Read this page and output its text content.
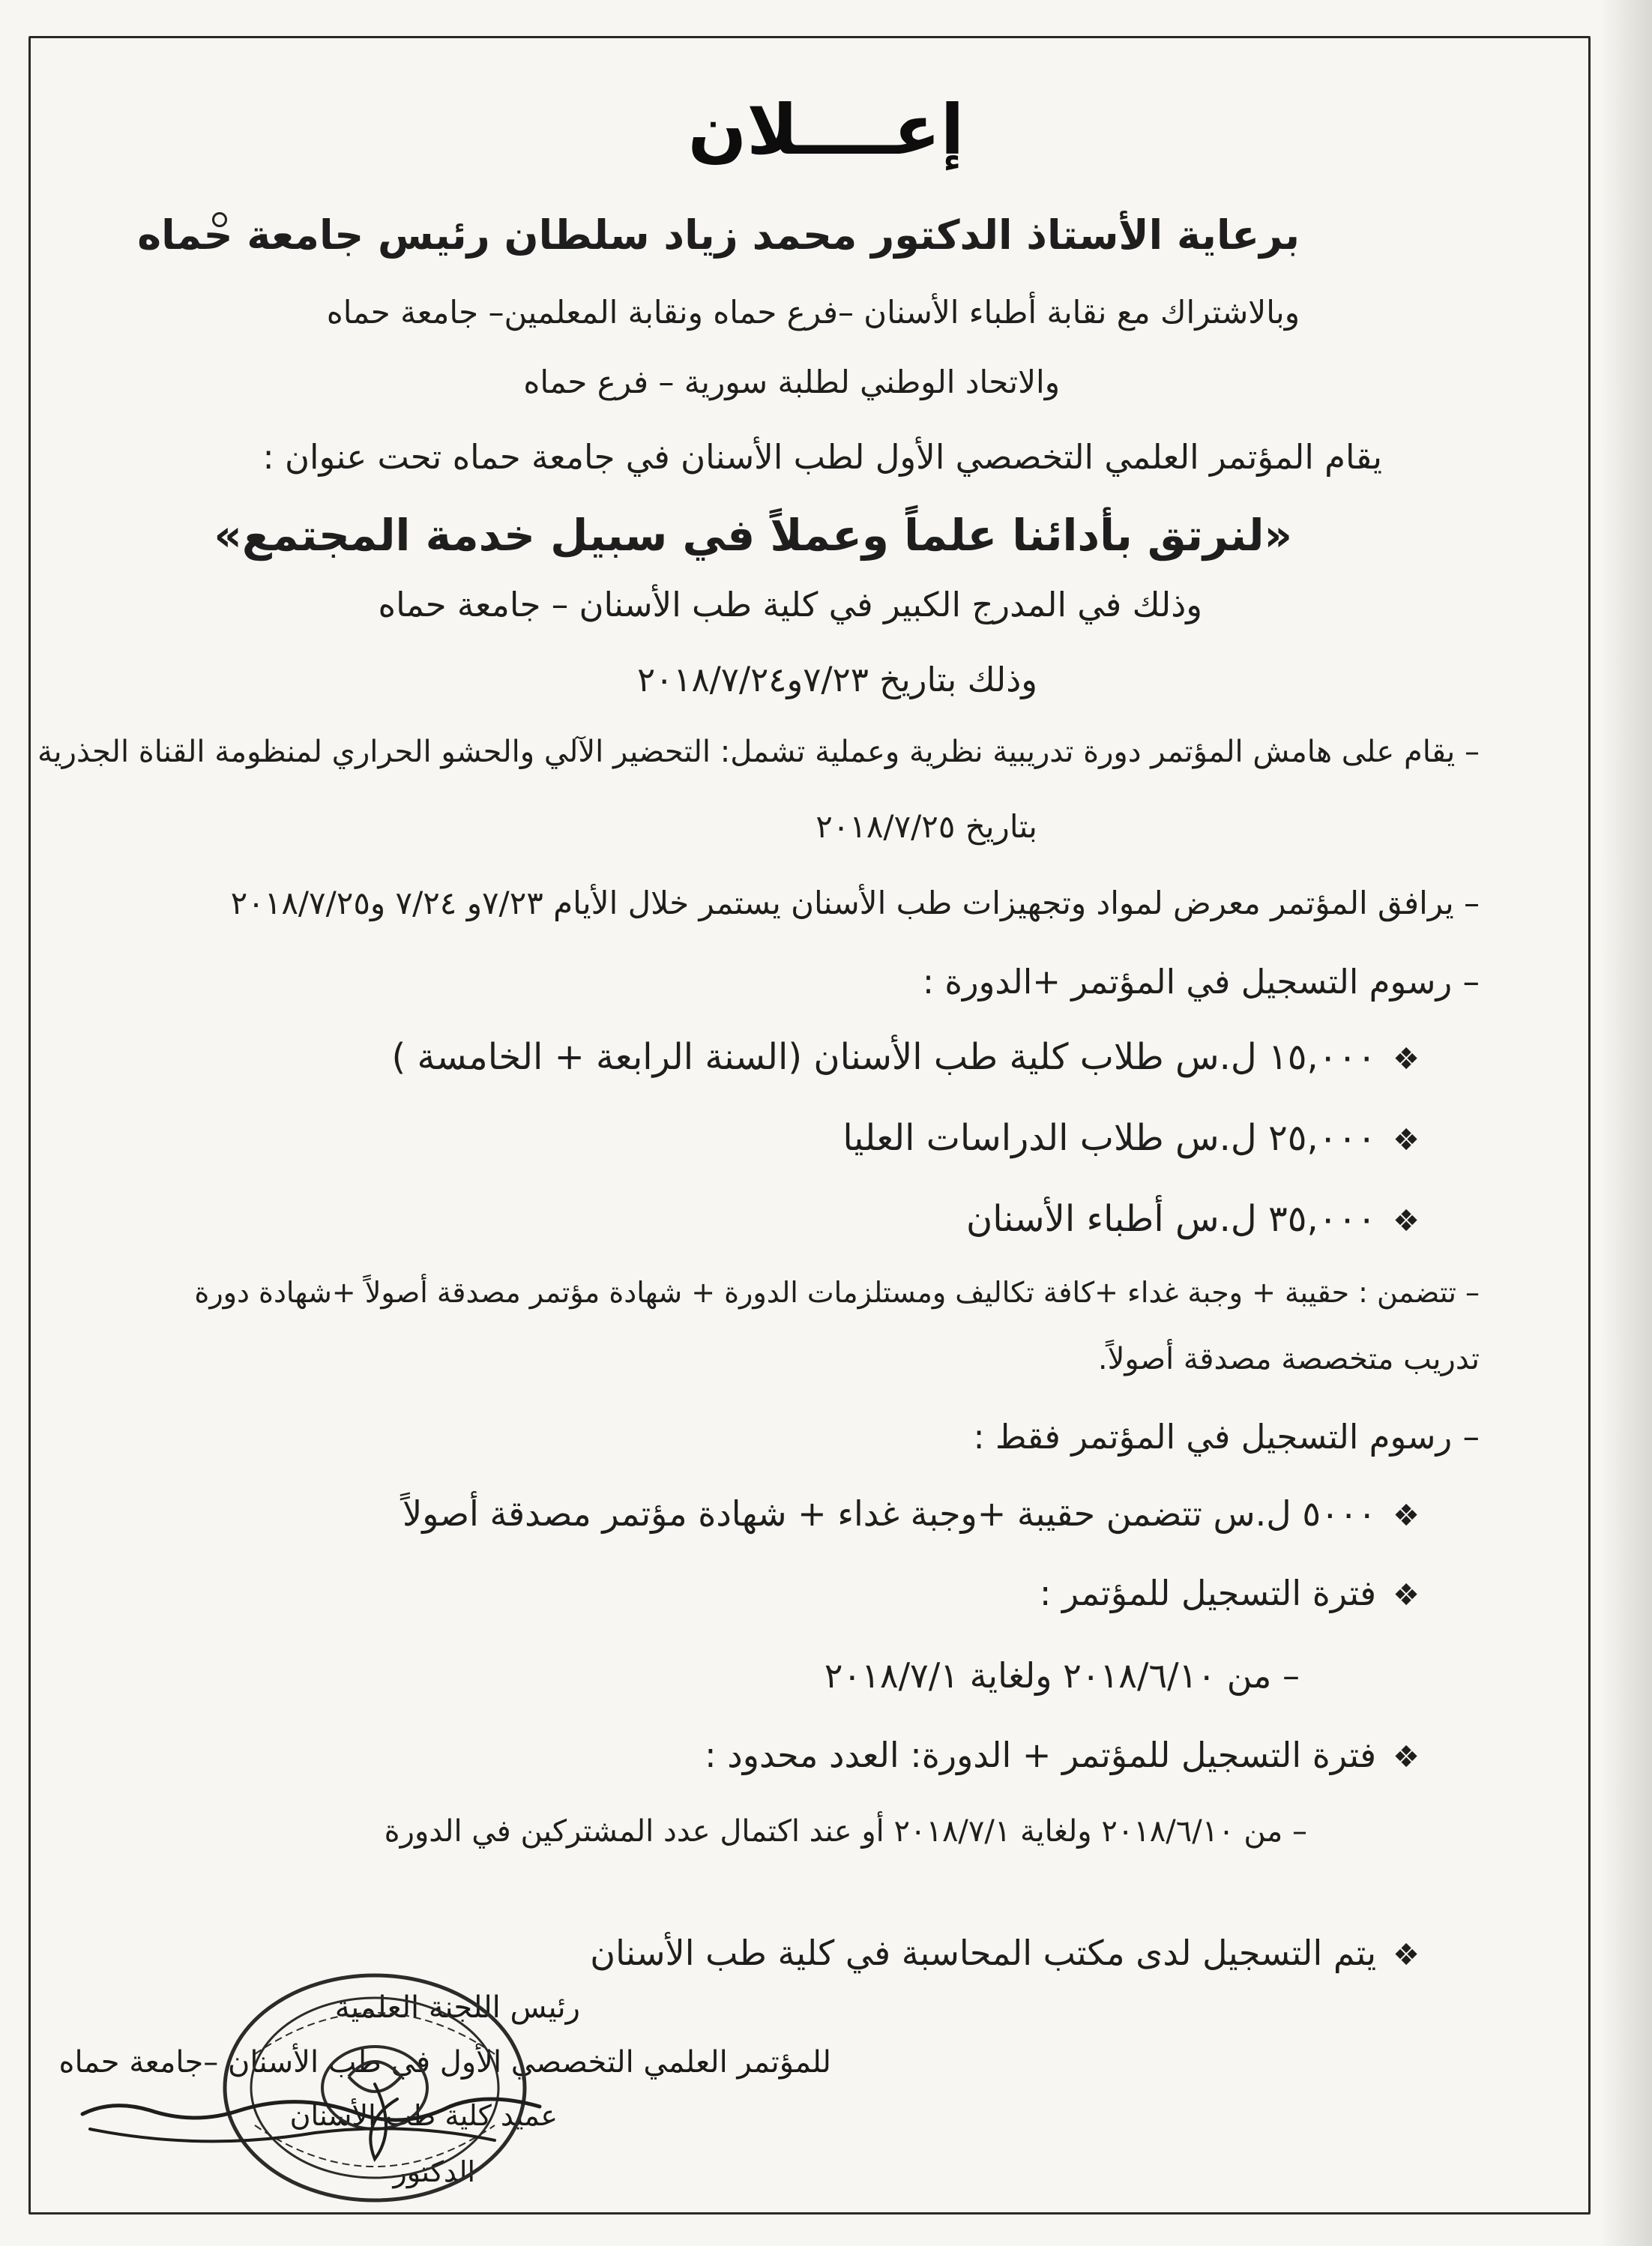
إعــــلان
برعاية الأستاذ الدكتور محمد زياد سلطان رئيس جامعة حماه
وبالاشتراك مع نقابة أطباء الأسنان –فرع حماه ونقابة المعلمين– جامعة حماه
والاتحاد الوطني لطلبة سورية – فرع حماه
يقام المؤتمر العلمي التخصصي الأول لطب الأسنان في جامعة حماه تحت عنوان :
«لنرتق بأدائنا علماً وعملاً في سبيل خدمة المجتمع»
وذلك في المدرج الكبير في كلية طب الأسنان – جامعة حماه
وذلك بتاريخ ٧/٢٣و٢٠١٨/٧/٢٤
– يقام على هامش المؤتمر دورة تدريبية نظرية وعملية تشمل: التحضير الآلي والحشو الحراري لمنظومة القناة الجذرية
بتاريخ ٢٠١٨/٧/٢٥
– يرافق المؤتمر معرض لمواد وتجهيزات طب الأسنان يستمر خلال الأيام ٧/٢٣و ٧/٢٤ و٢٠١٨/٧/٢٥
– رسوم التسجيل في المؤتمر +الدورة :
❖١٥,٠٠٠ ل.س طلاب كلية طب الأسنان (السنة الرابعة + الخامسة )
❖٢٥,٠٠٠ ل.س طلاب الدراسات العليا
❖٣٥,٠٠٠ ل.س أطباء الأسنان
– تتضمن : حقيبة + وجبة غداء +كافة تكاليف ومستلزمات الدورة + شهادة مؤتمر مصدقة أصولاً +شهادة دورة
تدريب متخصصة مصدقة أصولاً.
– رسوم التسجيل في المؤتمر فقط :
❖٥٠٠٠ ل.س تتضمن حقيبة +وجبة غداء + شهادة مؤتمر مصدقة أصولاً
❖فترة التسجيل للمؤتمر :
– من ٢٠١٨/٦/١٠ ولغاية ٢٠١٨/٧/١
❖فترة التسجيل للمؤتمر + الدورة: العدد محدود :
– من ٢٠١٨/٦/١٠ ولغاية ٢٠١٨/٧/١ أو عند اكتمال عدد المشتركين في الدورة
❖يتم التسجيل لدى مكتب المحاسبة في كلية طب الأسنان
رئيس اللجنة العلمية
للمؤتمر العلمي التخصصي الأول في طب الأسنان –جامعة حماه
عميد كلية طب الأسنان
الدكتور
